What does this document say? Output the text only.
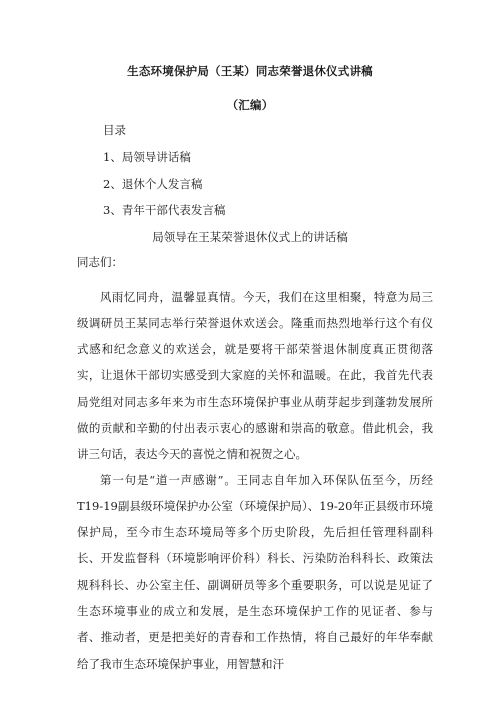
生态环境保护局（王某）同志荣誉退休仪式讲稿
（汇编）
目录
1、局领导讲话稿
2、退休个人发言稿
3、青年干部代表发言稿
局领导在王某荣誉退休仪式上的讲话稿
同志们：

风雨忆同舟，温馨显真情。今天，我们在这里相聚，特意为局三级调研员王某同志举行荣誉退休欢送会。隆重而热烈地举行这个有仪式感和纪念意义的欢送会，就是要将干部荣誉退休制度真正贯彻落实，让退休干部切实感受到大家庭的关怀和温暖。在此，我首先代表局党组对同志多年来为市生态环境保护事业从萌芽起步到蓬勃发展所做的贡献和辛勤的付出表示衷心的感谢和崇高的敬意。借此机会，我讲三句话，表达今天的喜悦之情和祝贺之心。

第一句是“道一声感谢”。王同志自年加入环保队伍至今，历经T19-19副县级环境保护办公室（环境保护局）、19-20年正县级市环境保护局，至今市生态环境局等多个历史阶段，先后担任管理科副科长、开发监督科（环境影响评价科）科长、污染防治科科长、政策法规科科长、办公室主任、副调研员等多个重要职务，可以说是见证了生态环境事业的成立和发展，是生态环境保护工作的见证者、参与者、推动者，更是把美好的青春和工作热情，将自己最好的年华奉献给了我市生态环境保护事业，用智慧和汗
